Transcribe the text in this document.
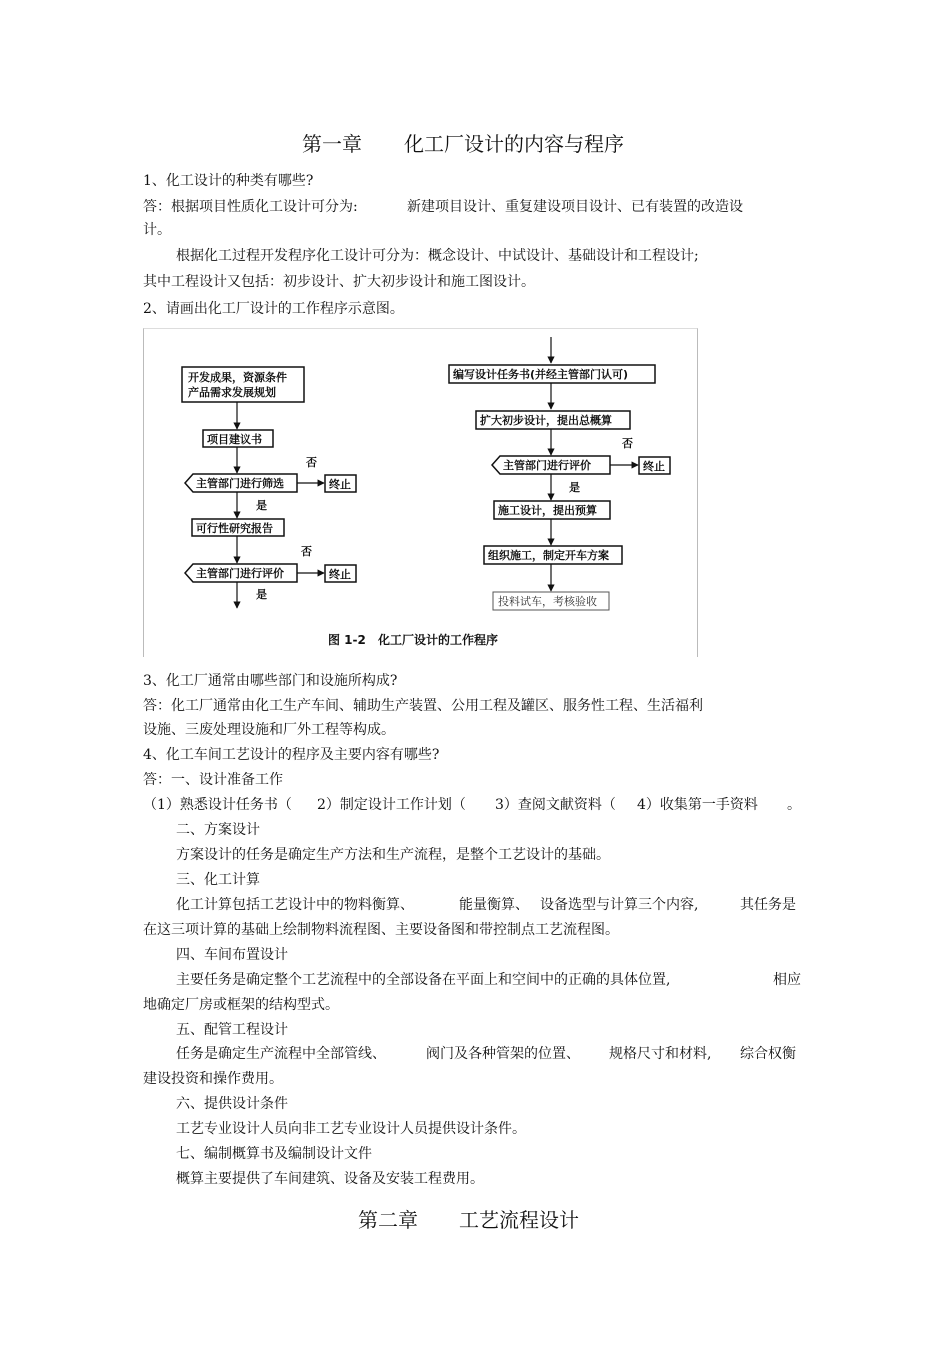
第一章 化工厂设计的内容与程序
1、化工设计的种类有哪些?
答：根据项目性质化工设计可分为:	新建项目设计、重复建设项目设计、已有装置的改造设
计。
根据化工过程开发程序化工设计可分为：概念设计、中试设计、基础设计和工程设计;
其中工程设计又包括：初步设计、扩大初步设计和施工图设计。
2、请画出化工厂设计的工作程序示意图。
开发成果，资源条件
产品需求发展规划
项目建议书
主管部门进行筛选
否
终止
是
可行性研究报告
主管部门进行评价
否
终止
是
编写设计任务书(并经主管部门认可)
扩大初步设计，提出总概算
主管部门进行评价
否
终止
是
施工设计，提出预算
组织施工，制定开车方案
投料试车，考核验收
图 1-2 化工厂设计的工作程序
3、化工厂通常由哪些部门和设施所构成?
答：化工厂通常由化工生产车间、辅助生产装置、公用工程及罐区、服务性工程、生活福利
设施、三废处理设施和厂外工程等构成。
4、化工车间工艺设计的程序及主要内容有哪些?
答：一、设计准备工作
（1）熟悉设计任务书（ 2）制定设计工作计划（ 3）查阅文献资料（ 4）收集第一手资料 。
二、方案设计
方案设计的任务是确定生产方法和生产流程，是整个工艺设计的基础。
三、化工计算
化工计算包括工艺设计中的物料衡算、	能量衡算、 设备选型与计算三个内容,	其任务是
在这三项计算的基础上绘制物料流程图、主要设备图和带控制点工艺流程图。
四、车间布置设计
主要任务是确定整个工艺流程中的全部设备在平面上和空间中的正确的具体位置,	相应
地确定厂房或框架的结构型式。
五、配管工程设计
任务是确定生产流程中全部管线、	阀门及各种管架的位置、 规格尺寸和材料, 综合权衡
建设投资和操作费用。
六、提供设计条件
工艺专业设计人员向非工艺专业设计人员提供设计条件。
七、编制概算书及编制设计文件
概算主要提供了车间建筑、设备及安装工程费用。
第二章 工艺流程设计
